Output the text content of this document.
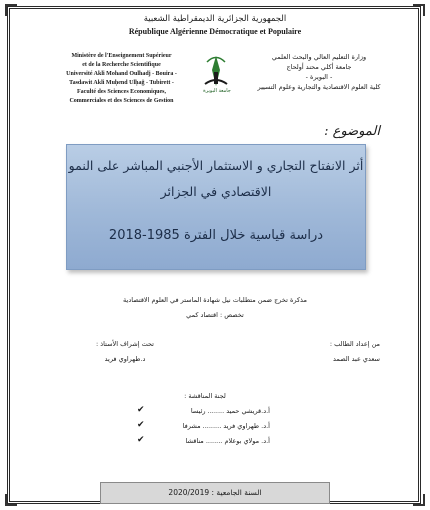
الجمهورية الجزائرية الديمقراطية الشعبية
République Algérienne Démocratique et Populaire
Ministère de l'Enseignement Supérieur
et de la Recherche Scientifique
Université Akli Mohand Oulhadj - Bouira -
Tasdawit Akli Muḥend Ulḥağ - Tubirett -
Faculté des Sciences Economiques,
Commerciales et des Sciences de Gestion
وزارة التعليم العالي والبحث العلمي
جامعة أكلي محند أولحاج
- البويرة -
كلية العلوم الاقتصادية والتجارية وعلوم التسيير
جامعة البويرة
الموضوع :
أثر الانفتاح التجاري و الاستثمار الأجنبي المباشر على النمو
الاقتصادي في الجزائر
دراسة قياسية خلال الفترة 1985-2018
مذكرة تخرج ضمن متطلبات نيل شهادة الماستر في العلوم الاقتصادية
تخصص : اقتصاد كمي
من إعداد الطالب :
سعدي عبد الصمد
تحت إشراف الأستاذ :
د.طهراوي فريد
لجنة المناقشة :
أ.د.قريشي حميد ........ رئيسا
✔
أ.د. طهراوي فريد ......... مشرفا
✔
أ.د. مولاي بوعلام ........ مناقشا
✔
السنة الجامعية : 2020/2019
